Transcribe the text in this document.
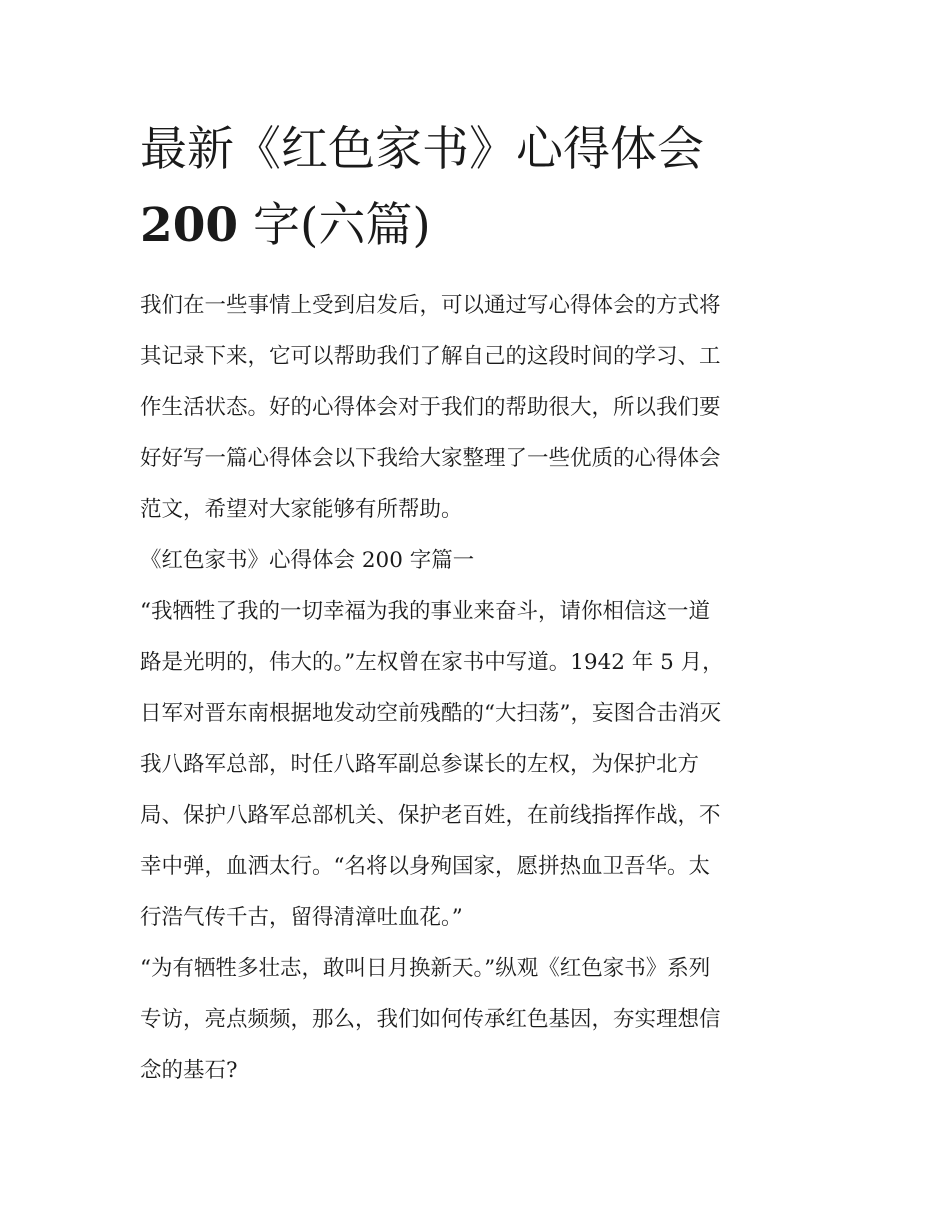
最新《红色家书》心得体会
200 字(六篇)

我们在一些事情上受到启发后，可以通过写心得体会的方式将

其记录下来，它可以帮助我们了解自己的这段时间的学习、工

作生活状态。好的心得体会对于我们的帮助很大，所以我们要

好好写一篇心得体会以下我给大家整理了一些优质的心得体会

范文，希望对大家能够有所帮助。

《红色家书》心得体会 200 字篇一

“我牺牲了我的一切幸福为我的事业来奋斗，请你相信这一道

路是光明的，伟大的。”左权曾在家书中写道。1942 年 5 月，

日军对晋东南根据地发动空前残酷的“大扫荡”，妄图合击消灭

我八路军总部，时任八路军副总参谋长的左权，为保护北方

局、保护八路军总部机关、保护老百姓，在前线指挥作战，不

幸中弹，血洒太行。“名将以身殉国家，愿拼热血卫吾华。太

行浩气传千古，留得清漳吐血花。”

“为有牺牲多壮志，敢叫日月换新天。”纵观《红色家书》系列

专访，亮点频频，那么，我们如何传承红色基因，夯实理想信

念的基石?
